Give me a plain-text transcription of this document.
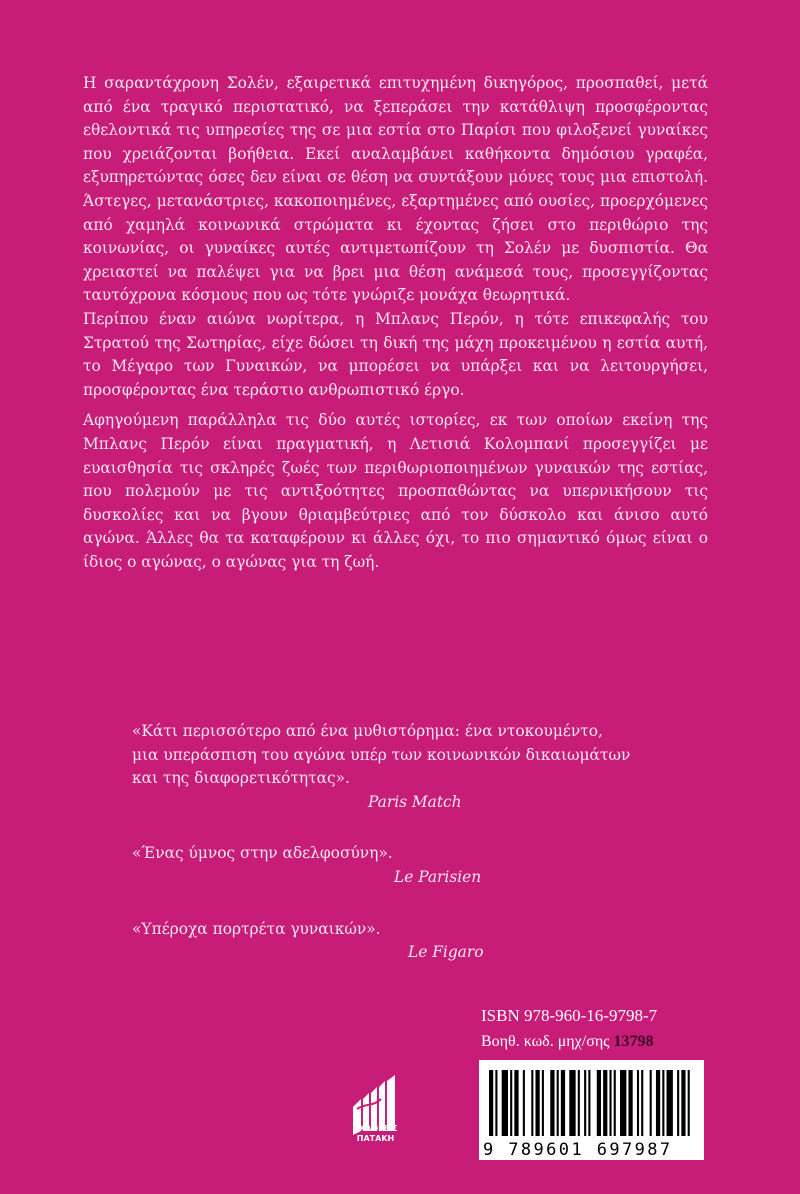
Η σαραντάχρονη Σολέν, εξαιρετικά επιτυχημένη δικηγόρος, προσπαθεί, μετά από ένα τραγικό περιστατικό, να ξεπεράσει την κατάθλιψη προσφέροντας εθελοντικά τις υπηρεσίες της σε μια εστία στο Παρίσι που φιλοξενεί γυναίκες που χρειάζονται βοήθεια. Εκεί αναλαμβάνει καθήκοντα δημόσιου γραφέα, εξυπηρετώντας όσες δεν είναι σε θέση να συντάξουν μόνες τους μια επιστολή. Άστεγες, μετανάστριες, κακοποιημένες, εξαρτημένες από ουσίες, προερχόμενες από χαμηλά κοινωνικά στρώματα κι έχοντας ζήσει στο περιθώριο της κοινωνίας, οι γυναίκες αυτές αντιμετωπίζουν τη Σολέν με δυσπιστία. Θα χρειαστεί να παλέψει για να βρει μια θέση ανάμεσά τους, προσεγγίζοντας ταυτόχρονα κόσμους που ως τότε γνώριζε μονάχα θεωρητικά.

Περίπου έναν αιώνα νωρίτερα, η Μπλανς Περόν, η τότε επικεφαλής του Στρατού της Σωτηρίας, είχε δώσει τη δική της μάχη προκειμένου η εστία αυτή, το Μέγαρο των Γυναικών, να μπορέσει να υπάρξει και να λειτουργήσει, προσφέροντας ένα τεράστιο ανθρωπιστικό έργο.

Αφηγούμενη παράλληλα τις δύο αυτές ιστορίες, εκ των οποίων εκείνη της Μπλανς Περόν είναι πραγματική, η Λετισιά Κολομπανί προσεγγίζει με ευαισθησία τις σκληρές ζωές των περιθωριοποιημένων γυναικών της εστίας, που πολεμούν με τις αντιξοότητες προσπαθώντας να υπερνικήσουν τις δυσκολίες και να βγουν θριαμβεύτριες από τον δύσκολο και άνισο αυτό αγώνα. Άλλες θα τα καταφέρουν κι άλλες όχι, το πιο σημαντικό όμως είναι ο ίδιος ο αγώνας, ο αγώνας για τη ζωή.

«Κάτι περισσότερο από ένα μυθιστόρημα: ένα ντοκουμέντο,
μια υπεράσπιση του αγώνα υπέρ των κοινωνικών δικαιωμάτων
και της διαφορετικότητας».
Paris Match
«Ένας ύμνος στην αδελφοσύνη».
Le Parisien
«Υπέροχα πορτρέτα γυναικών».
Le Figaro
ISBN 978-960-16-9798-7
Βοηθ. κωδ. μηχ/σης 13798
9 789601 697987
ΕΚΔΟΣΕΙΣ
ΠΑΤΑΚΗ
